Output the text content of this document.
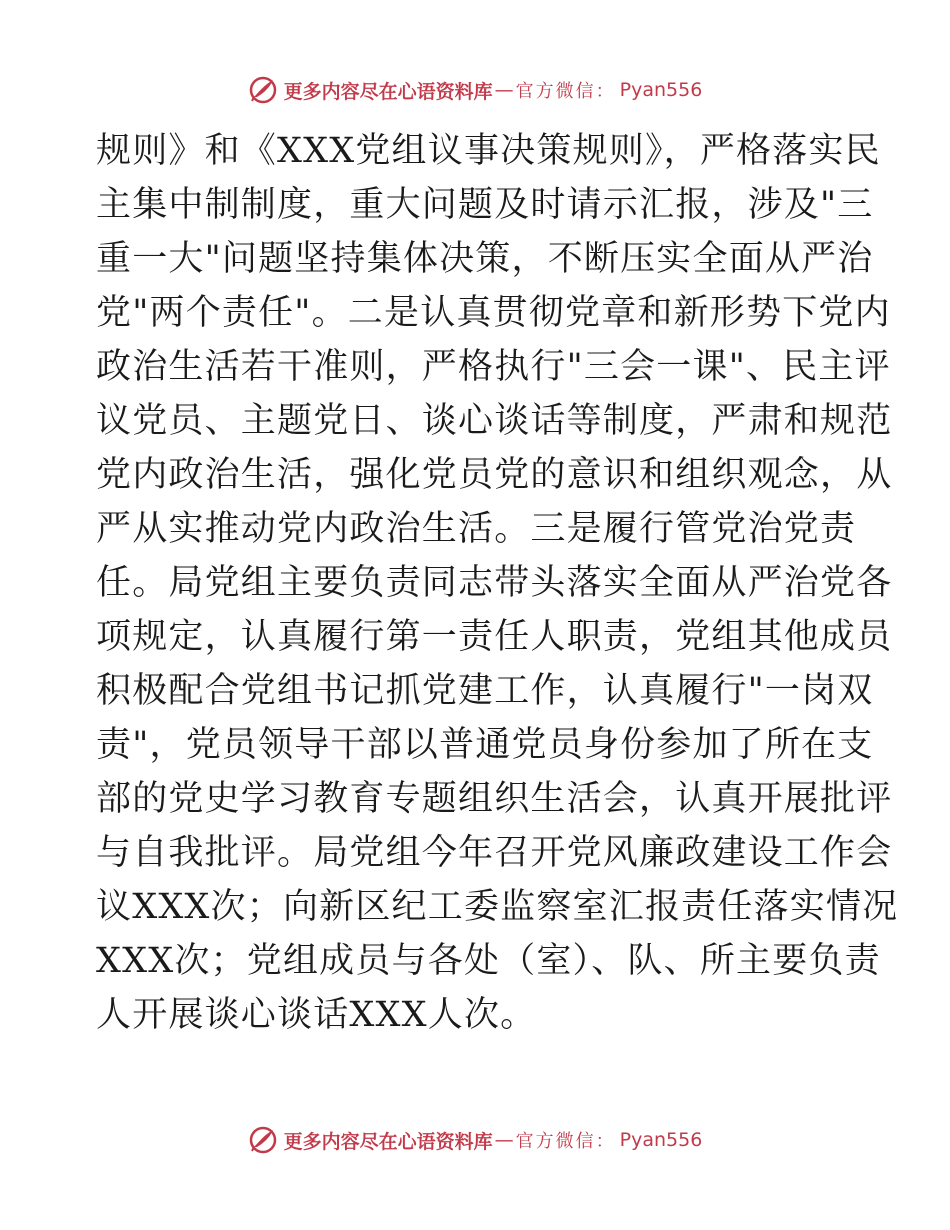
更多内容尽在心语资料库 — 官方微信： Pyan556
规则》和《XXX党组议事决策规则》，严格落实民
主集中制制度，重大问题及时请示汇报，涉及"三
重一大"问题坚持集体决策，不断压实全面从严治
党"两个责任"。二是认真贯彻党章和新形势下党内
政治生活若干准则，严格执行"三会一课"、民主评
议党员、主题党日、谈心谈话等制度，严肃和规范
党内政治生活，强化党员党的意识和组织观念，从
严从实推动党内政治生活。三是履行管党治党责
任。局党组主要负责同志带头落实全面从严治党各
项规定，认真履行第一责任人职责，党组其他成员
积极配合党组书记抓党建工作，认真履行"一岗双
责"，党员领导干部以普通党员身份参加了所在支
部的党史学习教育专题组织生活会，认真开展批评
与自我批评。局党组今年召开党风廉政建设工作会
议XXX次；向新区纪工委监察室汇报责任落实情况
XXX次；党组成员与各处（室）、队、所主要负责
人开展谈心谈话XXX人次。
更多内容尽在心语资料库 — 官方微信： Pyan556
